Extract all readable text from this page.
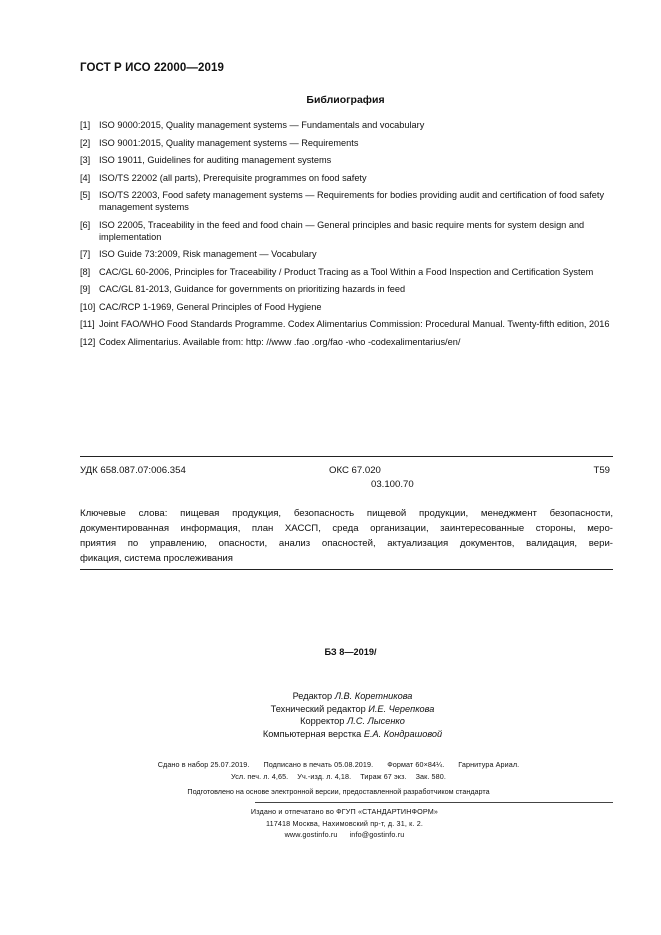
ГОСТ Р ИСО 22000—2019
Библиография
[1] ISO 9000:2015, Quality management systems — Fundamentals and vocabulary
[2] ISO 9001:2015, Quality management systems — Requirements
[3] ISO 19011, Guidelines for auditing management systems
[4] ISO/TS 22002 (all parts), Prerequisite programmes on food safety
[5] ISO/TS 22003, Food safety management systems — Requirements for bodies providing audit and certification of food safety management systems
[6] ISO 22005, Traceability in the feed and food chain — General principles and basic require ments for system design and implementation
[7] ISO Guide 73:2009, Risk management — Vocabulary
[8] CAC/GL 60-2006, Principles for Traceability / Product Tracing as a Tool Within a Food Inspection and Certification System
[9] CAC/GL 81-2013, Guidance for governments on prioritizing hazards in feed
[10] CAC/RCP 1-1969, General Principles of Food Hygiene
[11] Joint FAO/WHO Food Standards Programme. Codex Alimentarius Commission: Procedural Manual. Twenty-fifth edition, 2016
[12] Codex Alimentarius. Available from: http: //www .fao .org/fao -who -codexalimentarius/en/
УДК 658.087.07:006.354	ОКС 67.020
03.100.70
Т59
Ключевые слова: пищевая продукция, безопасность пищевой продукции, менеджмент безопасности,
документированная информация, план ХАССП, среда организации, заинтересованные стороны, меро-
приятия по управлению, опасности, анализ опасностей, актуализация документов, валидация, вери-
фикация, система прослеживания
БЗ 8—2019/
Редактор Л.В. Коретникова
Технический редактор И.Е. Черепкова
Корректор Л.С. Лысенко
Компьютерная верстка Е.А. Кондрашовой
Сдано в набор 25.07.2019. Подписано в печать 05.08.2019. Формат 60×84¼. Гарнитура Ариал.
Усл. печ. л. 4,65. Уч.-изд. л. 4,18. Тираж 67 экз. Зак. 580.
Подготовлено на основе электронной версии, предоставленной разработчиком стандарта
Издано и отпечатано во ФГУП «СТАНДАРТИНФОРМ»
117418 Москва, Нахимовский пр-т, д. 31, к. 2.
www.gostinfo.ru info@gostinfo.ru
